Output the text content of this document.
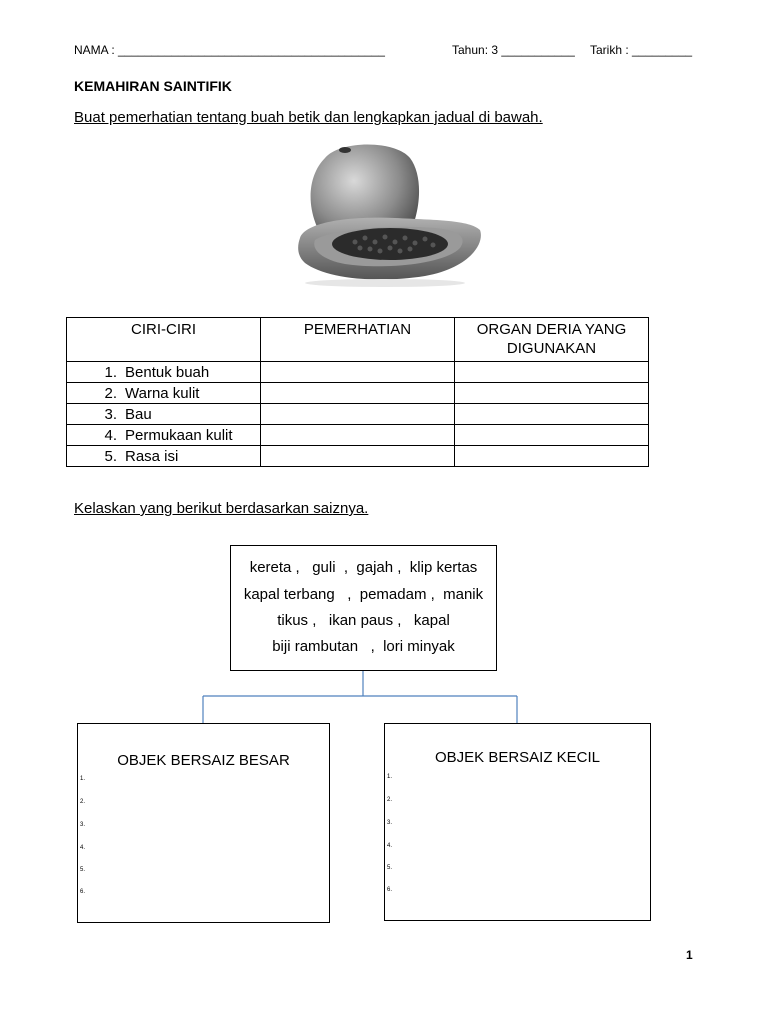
NAMA : ________________________________________	Tahun: 3 ___________ Tarikh : _________
KEMAHIRAN SAINTIFIK
Buat pemerhatian tentang buah betik dan lengkapkan jadual di bawah.
CIRI-CIRI	PEMERHATIAN	ORGAN DERIA YANG DIGUNAKAN
1. Bentuk buah		
2. Warna kulit		
3. Bau		
4. Permukaan kulit		
5. Rasa isi		
Kelaskan yang berikut berdasarkan saiznya.
kereta ,   guli  ,  gajah ,  klip kertas
kapal terbang   ,  pemadam ,  manik
tikus ,   ikan paus ,   kapal
biji rambutan   ,  lori minyak
OBJEK BERSAIZ BESAR
1.
2.
3.
4.
5.
6.
OBJEK BERSAIZ KECIL
1.
2.
3.
4.
5.
6.
1
